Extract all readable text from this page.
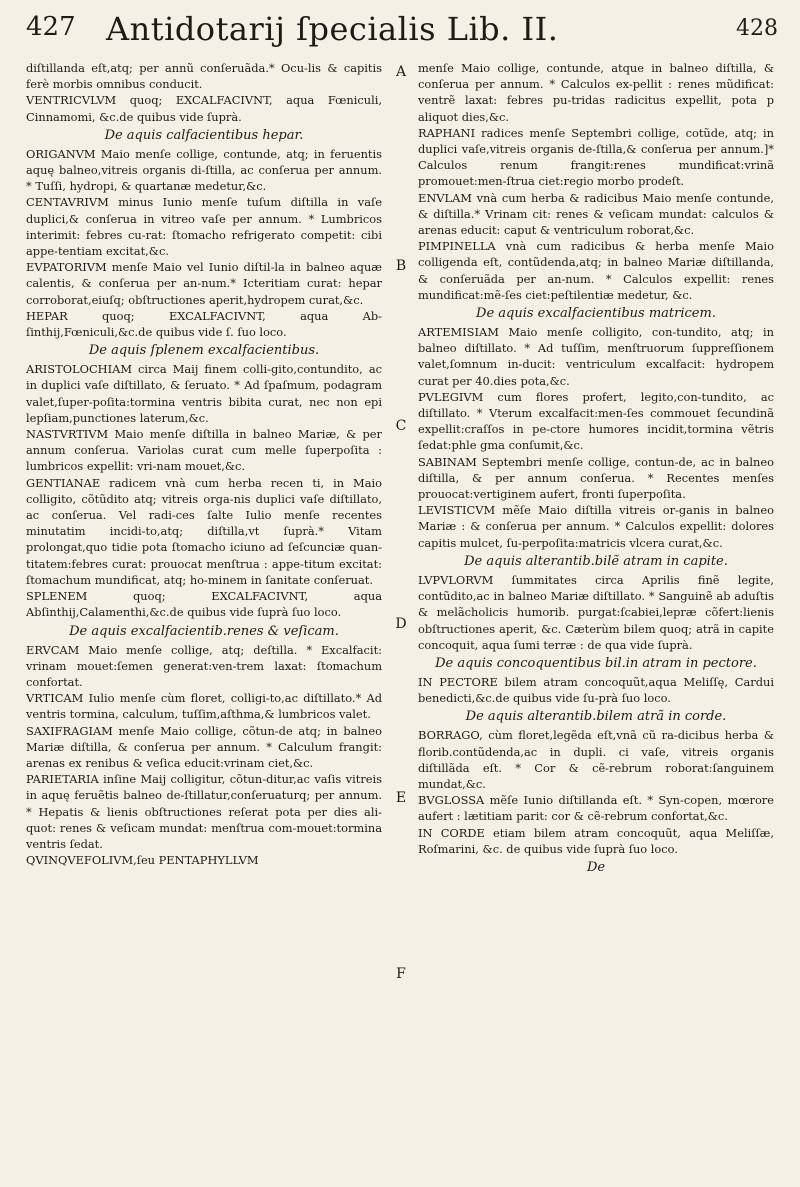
427 Antidotarij ſpecialis Lib. II.	428

diſtillanda eſt,atq; per annũ conſeruãda.* Ocu-lis & capitis ferè morbis omnibus conducit.

VENTRICVLVM quoq; EXCALFACIVNT, aqua Fœniculi, Cinnamomi, &c.de quibus vide ſuprà.

De aquis calfacientibus hepar.

ORIGANVM Maio menſe collige, contunde, atq; in feruentis aquę balneo,vitreis organis di-ſtilla, ac conſerua per annum. * Tuſſi, hydropi, & quartanæ medetur,&c.

CENTAVRIVM minus Iunio menſe tuſum diſtilla in vaſe duplici,& conſerua in vitreo vaſe per annum. * Lumbricos interimit: febres cu-rat: ſtomacho refrigerato competit: cibi appe-tentiam excitat,&c.

EVPATORIVM menſe Maio vel Iunio diſtil-la in balneo aquæ calentis, & conſerua per an-num.* Icteritiam curat: hepar corroborat,eiuſq; obſtructiones aperit,hydropem curat,&c.

HEPAR quoq; EXCALFACIVNT, aqua Ab-ſinthij,Fœniculi,&c.de quibus vide ſ. ſuo loco.

De aquis ſplenem excalfacientibus.

ARISTOLOCHIAM circa Maij finem colli-gito,contundito, ac in duplici vaſe diſtillato, & ſeruato. * Ad ſpaſmum, podagram valet,ſuper-poſita:tormina ventris bibita curat, nec non epi lepſiam,punctiones laterum,&c.

NASTVRTIVM Maio menſe diſtilla in balneo Mariæ, & per annum conſerua. Variolas curat cum melle ſuperpoſita : lumbricos expellit: vri-nam mouet,&c.

GENTIANAE radicem vnà cum herba recen ti, in Maio colligito, cõtũdito atq; vitreis orga-nis duplici vaſe diſtillato, ac conſerua. Vel radi-ces ſalte Iulio menſe recentes minutatim incidi-to,atq; diſtilla,vt ſuprà.* Vitam prolongat,quo tidie pota ſtomacho iciuno ad ſeſcunciæ quan-titatem:febres curat: prouocat menſtrua : appe-titum excitat: ſtomachum mundificat, atq; ho-minem in ſanitate conſeruat.

SPLENEM quoq; EXCALFACIVNT, aqua Abſinthij,Calamenthi,&c.de quibus vide ſuprà ſuo loco.

De aquis excalfacientib.renes & veſicam.

ERVCAM Maio menſe collige, atq; deſtilla. * Excalfacit: vrinam mouet:ſemen generat:ven-trem laxat: ſtomachum confortat.

VRTICAM Iulio menſe cùm floret, colligi-to,ac diſtillato.* Ad ventris tormina, calculum, tuſſim,aſthma,& lumbricos valet.

SAXIFRAGIAM menſe Maio collige, cõtun-de atq; in balneo Mariæ diſtilla, & conſerua per annum. * Calculum frangit: arenas ex renibus & veſica educit:vrinam ciet,&c.

PARIETARIA inſine Maij colligitur, cõtun-ditur,ac vaſis vitreis in aquę feruẽtis balneo de-ſtillatur,conſeruaturq; per annum. * Hepatis & lienis obſtructiones reſerat pota per dies ali-quot: renes & veſicam mundat: menſtrua com-mouet:tormina ventris ſedat.

QVINQVEFOLIVM,ſeu PENTAPHYLLVM

menſe Maio collige, contunde, atque in balneo diſtilla, & conſerua per annum. * Calculos ex-pellit : renes mũdificat: ventrẽ laxat: febres pu-tridas radicitus expellit, pota p aliquot dies,&c.

RAPHANI radices menſe Septembri collige, cotũde, atq; in duplici vaſe,vitreis organis de-ſtilla,& conſerua per annum.]* Calculos renum frangit:renes mundificat:vrinã promouet:men-ſtrua ciet:regio morbo prodeſt.

ENVLAM vnà cum herba & radicibus Maio menſe contunde, & diſtilla.* Vrinam cit: renes & veſicam mundat: calculos & arenas educit: caput & ventriculum roborat,&c.

PIMPINELLA vnà cum radicibus & herba menſe Maio colligenda eſt, contũdenda,atq; in balneo Mariæ diſtillanda, & conſeruãda per an-num. * Calculos expellit: renes mundificat:mẽ-ſes ciet:peſtilentiæ medetur, &c.

De aquis excalfacientibus matricem.

ARTEMISIAM Maio menſe colligito, con-tundito, atq; in balneo diſtillato. * Ad tuſſim, menſtruorum ſuppreſſionem valet,ſomnum in-ducit: ventriculum excalfacit: hydropem curat per 40.dies pota,&c.

PVLEGIVM cum flores profert, legito,con-tundito, ac diſtillato. * Vterum excalfacit:men-ſes commouet ſecundinã expellit:craſſos in pe-ctore humores incidit,tormina vẽtris ſedat:phle gma conſumit,&c.

SABINAM Septembri menſe collige, contun-de, ac in balneo diſtilla, & per annum conſerua. * Recentes menſes prouocat:vertiginem aufert, fronti ſuperpoſita.

LEVISTICVM mẽſe Maio diſtilla vitreis or-ganis in balneo Mariæ : & conſerua per annum. * Calculos expellit: dolores capitis mulcet, ſu-perpoſita:matricis vlcera curat,&c.

De aquis alterantib.bilẽ atram in capite.

LVPVLORVM ſummitates circa Aprilis finẽ legite, contũdito,ac in balneo Mariæ diſtillato. * Sanguinẽ ab aduſtis & melãcholicis humorib. purgat:ſcabiei,lepræ cõfert:lienis obſtructiones aperit, &c. Cæterùm bilem quoq; atrã in capite concoquit, aqua ſumi terræ : de qua vide ſuprà.

De aquis concoquentibus bil.in atram in pectore.

IN PECTORE bilem atram concoquũt,aqua Meliſſę, Cardui benedicti,&c.de quibus vide ſu-prà ſuo loco.

De aquis alterantib.bilem atrã in corde.

BORRAGO, cùm floret,legẽda eſt,vnã cũ ra-dicibus herba & florib.contũdenda,ac in dupli. ci vaſe, vitreis organis diſtillãda eſt. * Cor & cẽ-rebrum roborat:ſanguinem mundat,&c.

BVGLOSSA mẽſe Iunio diſtillanda eſt. * Syn-copen, mœrore aufert : lætitiam parit: cor & cẽ-rebrum confortat,&c.

IN CORDE etiam bilem atram concoquũt, aqua Meliſſæ, Roſmarini, &c. de quibus vide ſuprà ſuo loco.

De
A
B
C
D
E
F
